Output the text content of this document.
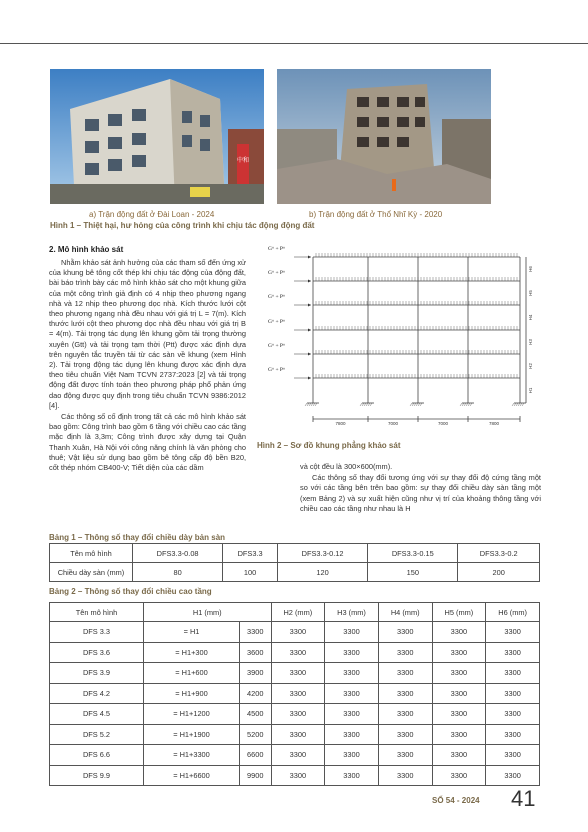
中和
a) Trận động đất ở Đài Loan - 2024	b) Trận động đất ở Thổ Nhĩ Kỳ - 2020
Hình 1 – Thiệt hại, hư hỏng của công trình khi chịu tác động động đất
2. Mô hình khảo sát

Nhằm khảo sát ảnh hưởng của các tham số đến ứng xử của khung bê tông cốt thép khi chịu tác động của động đất, bài báo trình bày các mô hình khảo sát cho một khung giữa của một công trình giả định có 4 nhịp theo phương ngang nhà và 12 nhịp theo phương dọc nhà. Kích thước lưới cột theo phương ngang nhà đều nhau với giá trị L = 7(m). Kích thước lưới cột theo phương dọc nhà đều nhau với giá trị B = 4(m). Tải trọng tác dụng lên khung gồm tải trọng thường xuyên (Gtt) và tải trọng tạm thời (Ptt) được xác định dựa trên nguyên tắc truyền tải từ các sàn về khung (xem Hình 2). Tải trọng động tác dụng lên khung được xác định dựa theo tiêu chuẩn Việt Nam TCVN 2737:2023 [2] và tải trọng động đất được tính toán theo phương pháp phổ phản ứng dao động được quy định trong tiêu chuẩn TCVN 9386:2012 [4].

Các thông số cố định trong tất cả các mô hình khảo sát bao gồm: Công trình bao gồm 6 tầng với chiều cao các tầng mặc định là 3,3m; Công trình được xây dựng tại Quận Thanh Xuân, Hà Nội với công năng chính là văn phòng cho thuê; Vật liệu sử dụng bao gồm bê tông cấp độ bền B20, cốt thép nhóm CB400-V; Tiết diện của các dầm

Gᵗᵗ + Pᵗᵗ
Gᵗᵗ + Pᵗᵗ
Gᵗᵗ + Pᵗᵗ
Gᵗᵗ + Pᵗᵗ
Gᵗᵗ + Pᵗᵗ
Gᵗᵗ + Pᵗᵗ
H6
H5
H4
H3
H2
H1
7800	7000	7000	7800
Hình 2 – Sơ đồ khung phẳng khảo sát

và cột đều là 300×600(mm).

Các thông số thay đổi tương ứng với sự thay đổi độ cứng tầng một so với các tầng bên trên bao gồm: sự thay đổi chiều dày sàn tầng một (xem Bảng 2) và sự xuất hiện cũng như vị trí của khoảng thông tầng với chiều cao các tầng như nhau là H

Bảng 1 – Thông số thay đổi chiều dày bản sàn
Tên mô hình	DFS3.3-0.08	DFS3.3	DFS3.3-0.12	DFS3.3-0.15	DFS3.3-0.2
Chiều dày sàn (mm)	80	100	120	150	200
Bảng 2 – Thông số thay đổi chiều cao tầng
Tên mô hình	H1 (mm)		H2 (mm)	H3 (mm)	H4 (mm)	H5 (mm)	H6 (mm)
DFS 3.3	= H1	3300	3300	3300	3300	3300	3300
DFS 3.6	= H1+300	3600	3300	3300	3300	3300	3300
DFS 3.9	= H1+600	3900	3300	3300	3300	3300	3300
DFS 4.2	= H1+900	4200	3300	3300	3300	3300	3300
DFS 4.5	= H1+1200	4500	3300	3300	3300	3300	3300
DFS 5.2	= H1+1900	5200	3300	3300	3300	3300	3300
DFS 6.6	= H1+3300	6600	3300	3300	3300	3300	3300
DFS 9.9	= H1+6600	9900	3300	3300	3300	3300	3300
SỐ 54 - 2024 41
